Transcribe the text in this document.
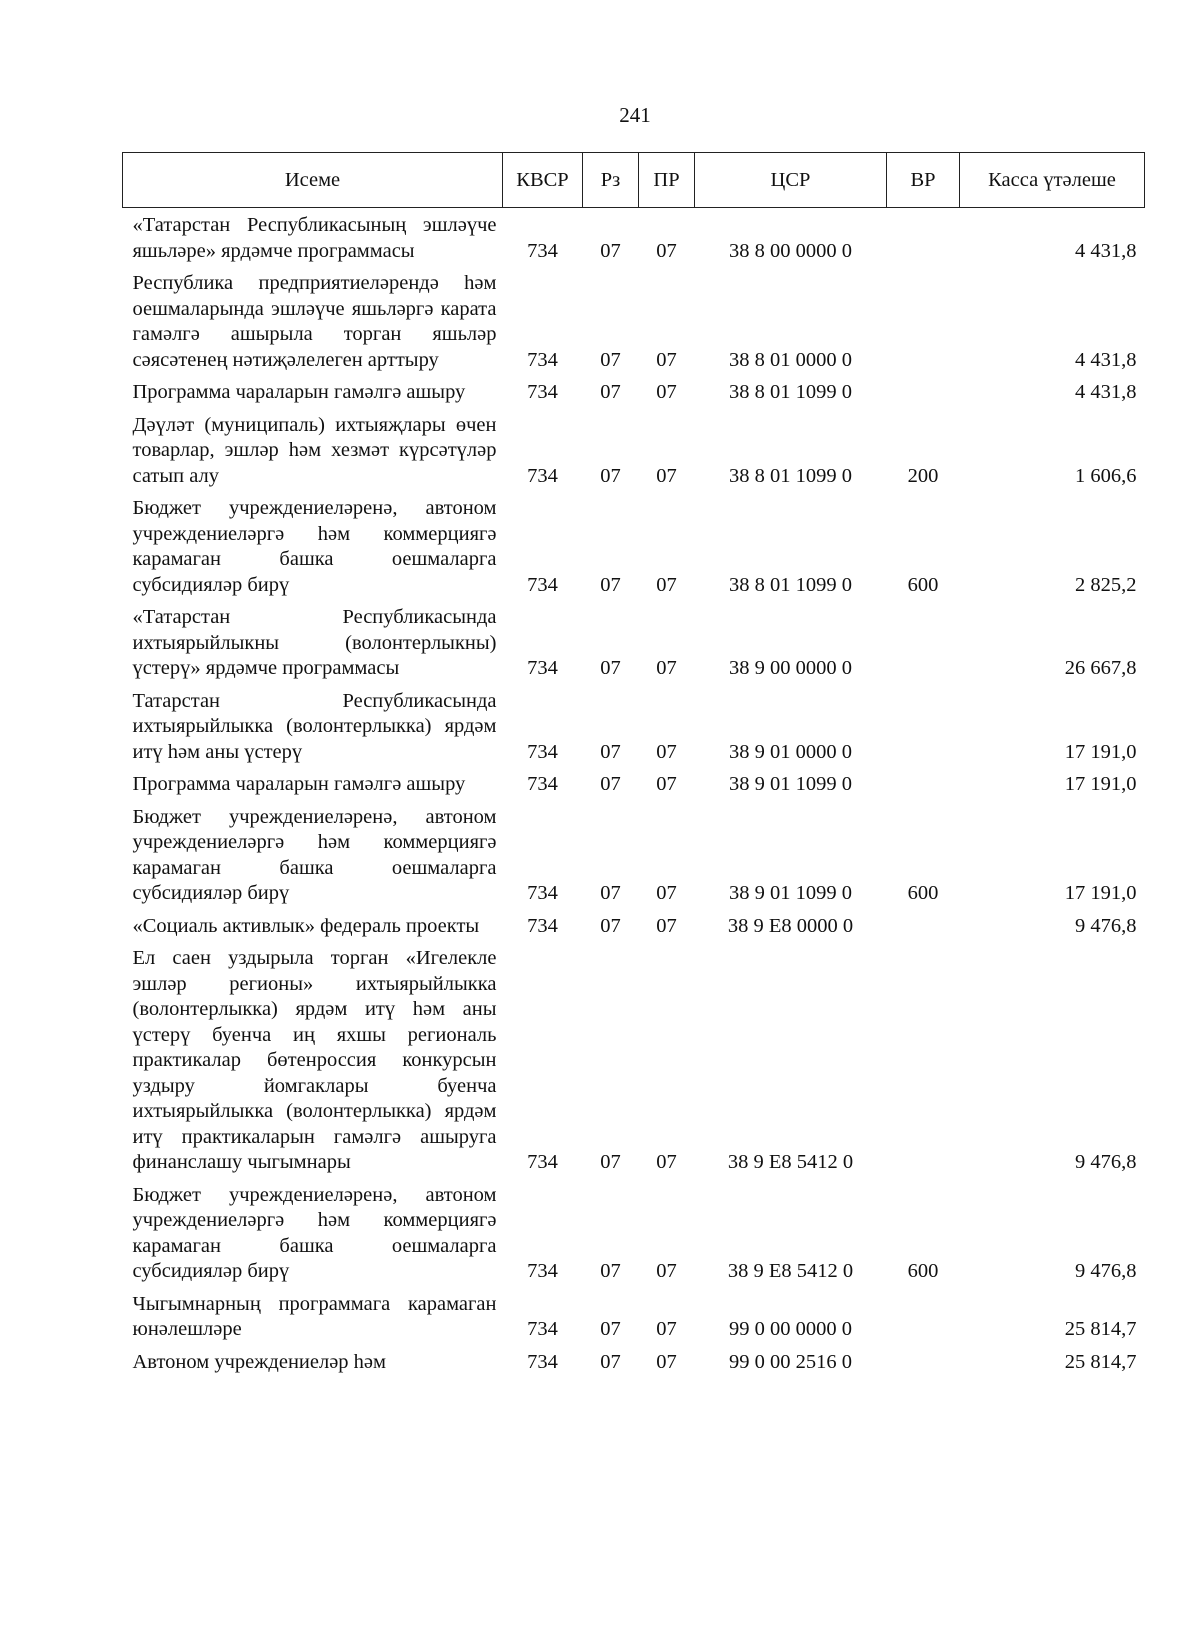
241
Исеме	КВСР	Рз	ПР	ЦСР	ВР	Касса үтәлеше
«Татарстан Республикасының эшләүче яшьләре» ярдәмче программасы	734	07	07	38 8 00 0000 0		4 431,8
Республика предприятиеләрендә һәм оешмаларында эшләүче яшьләргә карата гамәлгә ашырыла торган яшьләр сәясәтенең нәтиҗәлелеген арттыру	734	07	07	38 8 01 0000 0		4 431,8
Программа чараларын гамәлгә ашыру	734	07	07	38 8 01 1099 0		4 431,8
Дәүләт (муниципаль) ихтыяҗлары өчен товарлар, эшләр һәм хезмәт күрсәтүләр сатып алу	734	07	07	38 8 01 1099 0	200	1 606,6
Бюджет учреждениеләренә, автоном учреждениеләргә һәм коммерциягә карамаган башка оешмаларга субсидияләр бирү	734	07	07	38 8 01 1099 0	600	2 825,2
«Татарстан Республикасында ихтыярыйлыкны (волонтерлыкны) үстерү» ярдәмче программасы	734	07	07	38 9 00 0000 0		26 667,8
Татарстан Республикасында ихтыярыйлыкка (волонтерлыкка) ярдәм итү һәм аны үстерү	734	07	07	38 9 01 0000 0		17 191,0
Программа чараларын гамәлгә ашыру	734	07	07	38 9 01 1099 0		17 191,0
Бюджет учреждениеләренә, автоном учреждениеләргә һәм коммерциягә карамаган башка оешмаларга субсидияләр бирү	734	07	07	38 9 01 1099 0	600	17 191,0
«Социаль активлык» федераль проекты	734	07	07	38 9 E8 0000 0		9 476,8
Ел саен уздырыла торган «Игелекле эшләр регионы» ихтыярыйлыкка (волонтерлыкка) ярдәм итү һәм аны үстерү буенча иң яхшы региональ практикалар бөтенроссия конкурсын уздыру йомгаклары буенча ихтыярыйлыкка (волонтерлыкка) ярдәм итү практикаларын гамәлгә ашыруга финанслашу чыгымнары	734	07	07	38 9 E8 5412 0		9 476,8
Бюджет учреждениеләренә, автоном учреждениеләргә һәм коммерциягә карамаган башка оешмаларга субсидияләр бирү	734	07	07	38 9 E8 5412 0	600	9 476,8
Чыгымнарның программага карамаган юнәлешләре	734	07	07	99 0 00 0000 0		25 814,7
Автоном учреждениеләр һәм	734	07	07	99 0 00 2516 0		25 814,7
